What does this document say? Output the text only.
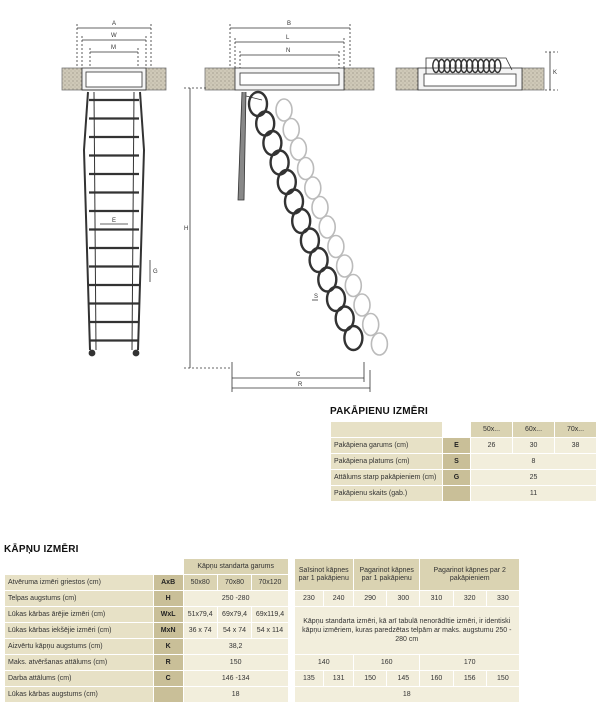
A
W
M
E
G
B
L
N
H
S
C
R
K
PAKĀPIENU IZMĒRI
		50x...	60x...	70x...
Pakāpiena garums (cm)	E	26	30	38
Pakāpiena platums (cm)	S	8		
Attālums starp pakāpieniem (cm)	G	25		
Pakāpienu skaits (gab.)		11		
KĀPŅU IZMĒRI
		Kāpņu standarta garums				Saīsinot kāpnes par 1 pakāpienu		Pagarinot kāpnes par 1 pakāpienu		Pagarinot kāpnes par 2 pakāpieniem		
Atvēruma izmēri griestos (cm)	AxB	50x80	70x80	70x120								
Telpas augstums (cm)	H	250 -280				230	240	290	300	310	320	330
Lūkas kārbas ārējie izmēri (cm)	WxL	51x79,4	69x79,4	69x119,4		Kāpņu standarta izmēri, kā arī tabulā nenorādītie izmēri, ir identiski kāpņu izmēriem, kuras paredzētas telpām ar maks. augstumu 250 - 280 cm						
Lūkas kārbas iekšējie izmēri (cm)	MxN	36 x 74	54 x 74	54 x 114								
Aizvērtu kāpņu augstums (cm)	K	38,2										
Maks. atvēršanas attālums (cm)	R	150				140		160		170		
Darba attālums (cm)	C	146 -134				135	131	150	145	160	156	150
Lūkas kārbas augstums (cm)		18				18						
